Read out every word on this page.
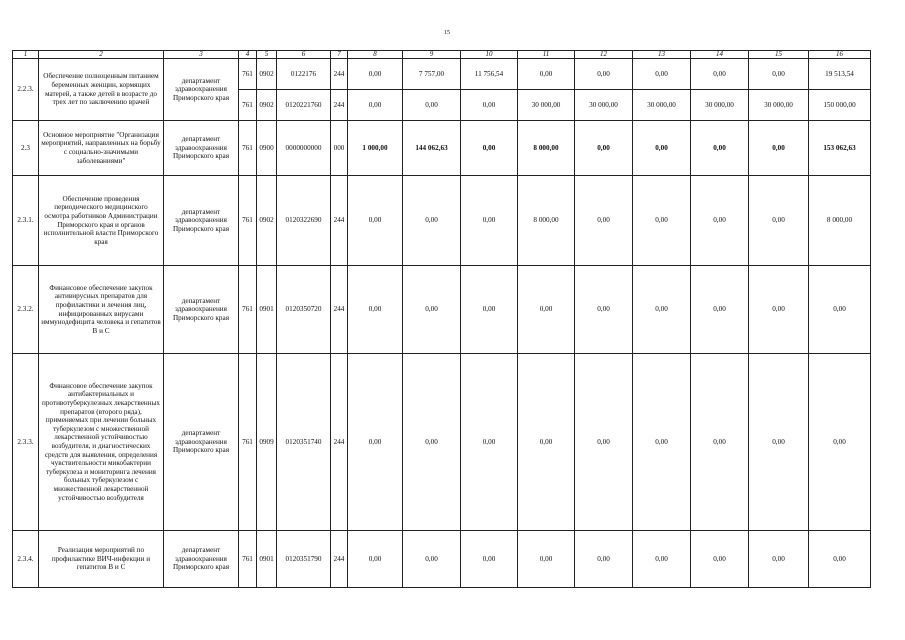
15
1	2	3	4	5	6	7	8	9	10	11	12	13	14	15	16
2.2.3.	Обеспечение полноценным питанием беременных женщин, кормящих матерей, а также детей в возрасте до трех лет по заключению врачей	департамент здравоохранения Приморского края	761	0902	0122176	244	0,00	7 757,00	11 756,54	0,00	0,00	0,00	0,00	0,00	19 513,54
			761	0902	0120221760	244	0,00	0,00	0,00	30 000,00	30 000,00	30 000,00	30 000,00	30 000,00	150 000,00
2.3	Основное мероприятие "Организация мероприятий, направленных на борьбу с социально-значимыми заболеваниями"	департамент здравоохранения Приморского края	761	0900	0000000000	000	1 000,00	144 062,63	0,00	8 000,00	0,00	0,00	0,00	0,00	153 062,63
2.3.1.	Обеспечение проведения периодического медицинского осмотра работников Администрации Приморского края и органов исполнительной власти Приморского края	департамент здравоохранения Приморского края	761	0902	0120322690	244	0,00	0,00	0,00	8 000,00	0,00	0,00	0,00	0,00	8 000,00
2.3.2.	Финансовое обеспечение закупок антивирусных препаратов для профилактики и лечения лиц, инфицированных вирусами иммунодефицита человека и гепатитов В и С	департамент здравоохранения Приморского края	761	0901	0120350720	244	0,00	0,00	0,00	0,00	0,00	0,00	0,00	0,00	0,00
2.3.3.	Финансовое обеспечение закупок антибактериальных и противотуберкулезных лекарственных препаратов (второго ряда), применяемых при лечении больных туберкулезом с множественной лекарственной устойчивостью возбудителя, и диагностических средств для выявления, определения чувствительности микобактерии туберкулеза и мониторинга лечения больных туберкулезом с множественной лекарственной устойчивостью возбудителя	департамент здравоохранения Приморского края	761	0909	0120351740	244	0,00	0,00	0,00	0,00	0,00	0,00	0,00	0,00	0,00
2.3.4.	Реализация мероприятий по профилактике ВИЧ-инфекции и гепатитов В и С	департамент здравоохранения Приморского края	761	0901	0120351790	244	0,00	0,00	0,00	0,00	0,00	0,00	0,00	0,00	0,00
